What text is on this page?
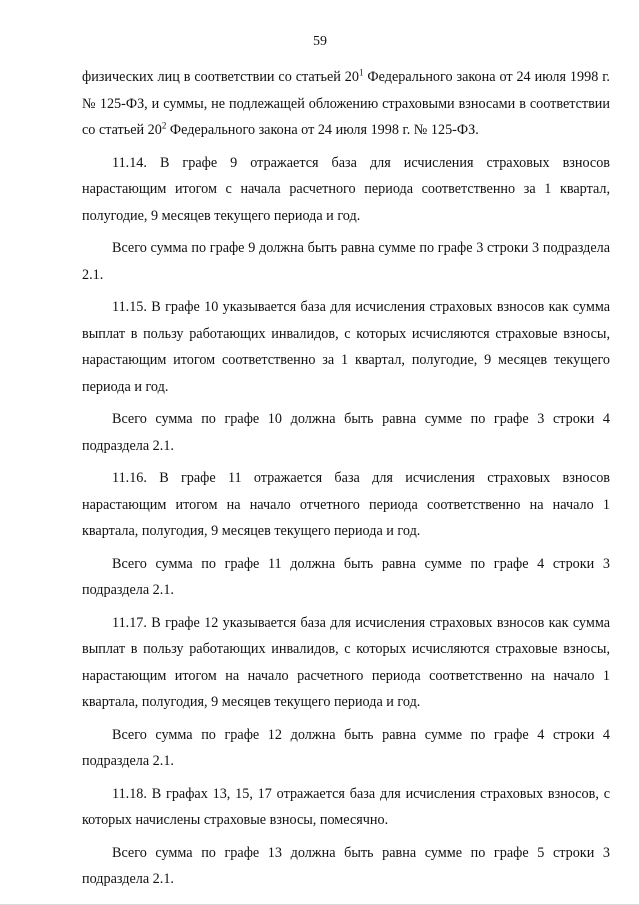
59

физических лиц в соответствии со статьей $20^1$ Федерального закона от 24 июля 1998 г. № 125-ФЗ, и суммы, не подлежащей обложению страховыми взносами в соответствии со статьей $20^2$ Федерального закона от 24 июля 1998 г. № 125-ФЗ.

11.14. В графе 9 отражается база для исчисления страховых взносов нарастающим итогом с начала расчетного периода соответственно за 1 квартал, полугодие, 9 месяцев текущего периода и год.

Всего сумма по графе 9 должна быть равна сумме по графе 3 строки 3 подраздела 2.1.

11.15. В графе 10 указывается база для исчисления страховых взносов как сумма выплат в пользу работающих инвалидов, с которых исчисляются страховые взносы, нарастающим итогом соответственно за 1 квартал, полугодие, 9 месяцев текущего периода и год.

Всего сумма по графе 10 должна быть равна сумме по графе 3 строки 4 подраздела 2.1.

11.16. В графе 11 отражается база для исчисления страховых взносов нарастающим итогом на начало отчетного периода соответственно на начало 1 квартала, полугодия, 9 месяцев текущего периода и год.

Всего сумма по графе 11 должна быть равна сумме по графе 4 строки 3 подраздела 2.1.

11.17. В графе 12 указывается база для исчисления страховых взносов как сумма выплат в пользу работающих инвалидов, с которых исчисляются страховые взносы, нарастающим итогом на начало расчетного периода соответственно на начало 1 квартала, полугодия, 9 месяцев текущего периода и год.

Всего сумма по графе 12 должна быть равна сумме по графе 4 строки 4 подраздела 2.1.

11.18. В графах 13, 15, 17 отражается база для исчисления страховых взносов, с которых начислены страховые взносы, помесячно.

Всего сумма по графе 13 должна быть равна сумме по графе 5 строки 3 подраздела 2.1.
